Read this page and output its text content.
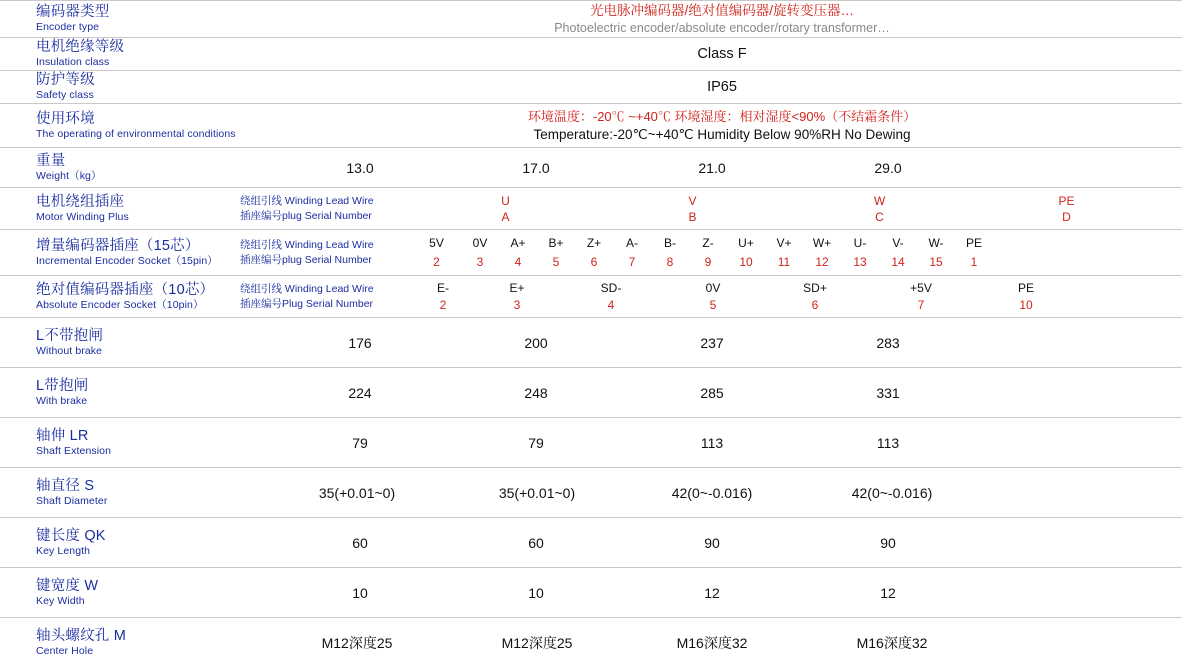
编码器类型
Encoder type
光电脉冲编码器/绝对值编码器/旋转变压器…
Photoelectric encoder/absolute encoder/rotary transformer…
电机绝缘等级
Insulation class	Class F
防护等级
Safety class	IP65
使用环境
The operating of environmental conditions
环境温度：-20℃ ~+40℃ 环境湿度：相对湿度<90%（不结霜条件）
Temperature:-20℃~+40℃ Humidity Below 90%RH No Dewing
重量
Weight（kg）	13.0	17.0	21.0	29.0
电机绕组插座
Motor Winding Plus
绕组引线 Winding Lead Wire
插座编号plug Serial Number
U	V	W	PE
A	B	C	D
增量编码器插座（15芯）
Incremental Encoder Socket（15pin）
绕组引线 Winding Lead Wire
插座编号plug Serial Number
5V	0V	A+	B+	Z+	A-	B-	Z-	U+	V+	W+	U-	V-	W-	PE
2	3	4	5	6	7	8	9	10	11	12	13	14	15	1
绝对值编码器插座（10芯）
Absolute Encoder Socket（10pin）
绕组引线 Winding Lead Wire
插座编号Plug Serial Number
E-	E+	SD-	0V	SD+	+5V	PE
2	3	4	5	6	7	10
L不带抱闸
Without brake	176	200	237	283
L带抱闸
With brake	224	248	285	331
轴伸 LR
Shaft Extension	79	79	113	113
轴直径 S
Shaft Diameter	35(+0.01~0)	35(+0.01~0)	42(0~-0.016)	42(0~-0.016)
键长度 QK
Key Length	60	60	90	90
键宽度 W
Key Width	10	10	12	12
轴头螺纹孔 M
Center Hole	M12深度25	M12深度25	M16深度32	M16深度32
